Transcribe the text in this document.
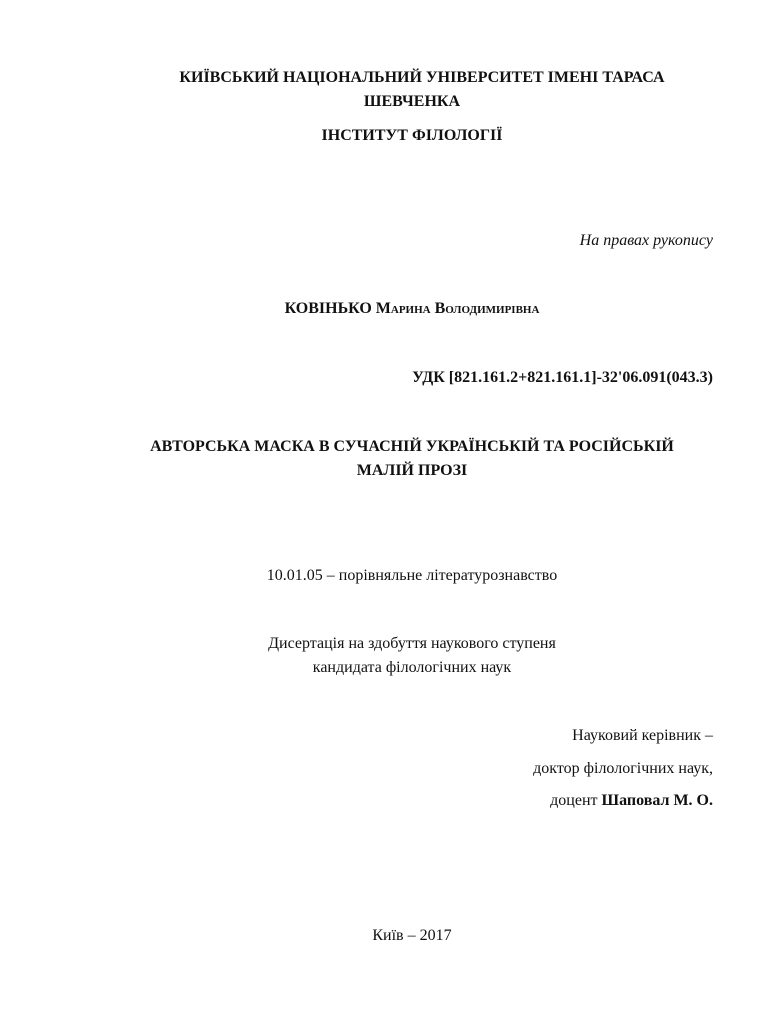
КИЇВСЬКИЙ НАЦІОНАЛЬНИЙ УНІВЕРСИТЕТ ІМЕНІ ТАРАСА
ШЕВЧЕНКА
ІНСТИТУТ ФІЛОЛОГІЇ
На правах рукопису
КОВІНЬКО Марина Володимирівна
УДК [821.161.2+821.161.1]-32'06.091(043.3)
АВТОРСЬКА МАСКА В СУЧАСНІЙ УКРАЇНСЬКІЙ ТА РОСІЙСЬКІЙ
МАЛІЙ ПРОЗІ
10.01.05 – порівняльне літературознавство
Дисертація на здобуття наукового ступеня
кандидата філологічних наук
Науковий керівник –
доктор філологічних наук,
доцент Шаповал М. О.
Київ – 2017
